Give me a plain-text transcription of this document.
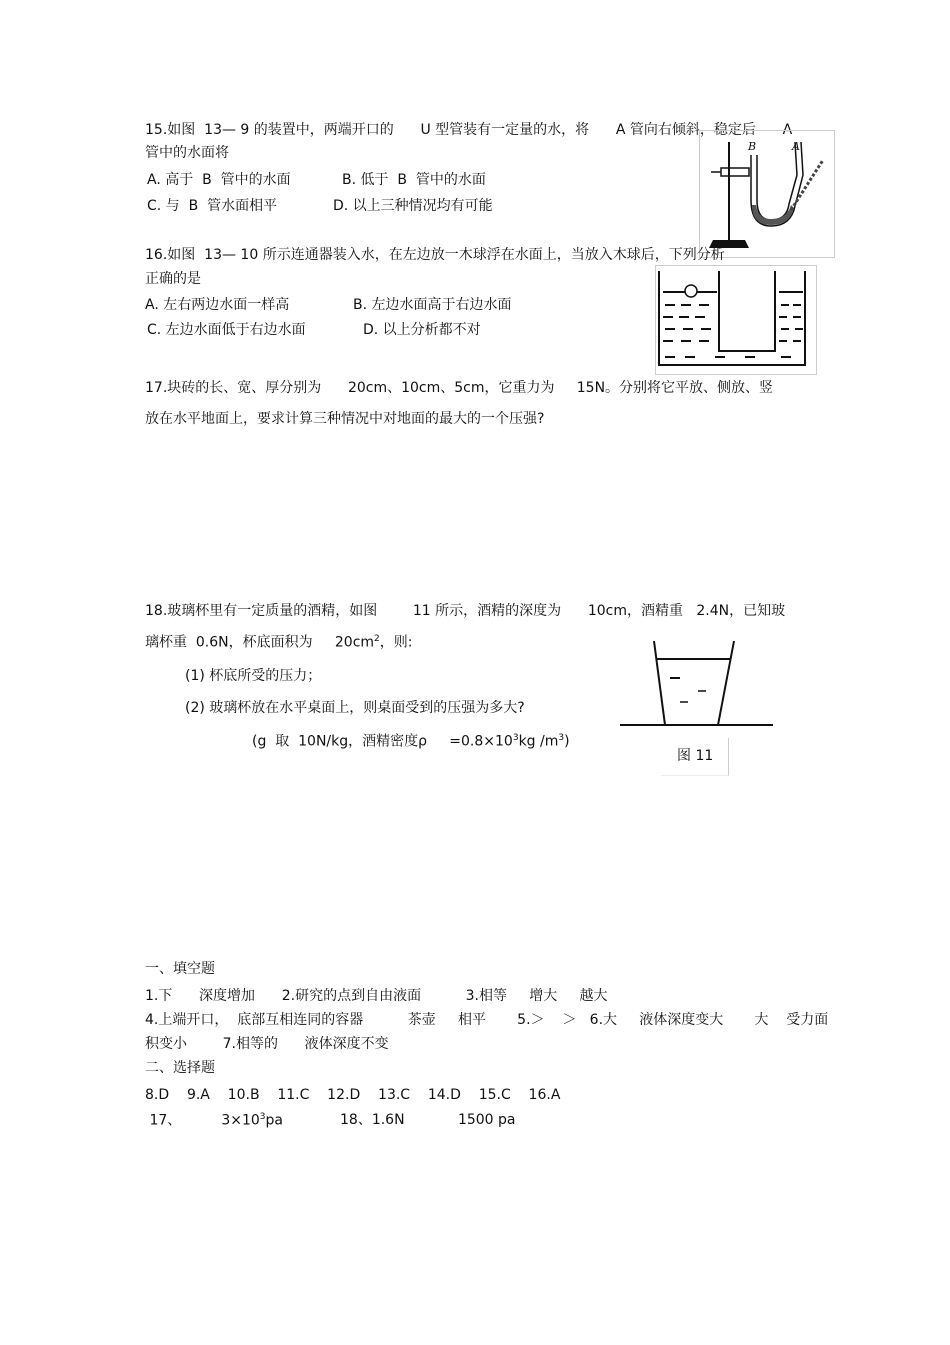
15.如图  13— 9 的装置中，两端开口的      U 型管装有一定量的水，将      A 管向右倾斜，稳定后      A
管中的水面将
A. 高于  B  管中的水面	B. 低于  B  管中的水面
C. 与  B  管水面相平	D. 以上三种情况均有可能
B	A
16.如图  13— 10 所示连通器装入水，在左边放一木球浮在水面上，当放入木球后，下列分析
正确的是
A. 左右两边水面一样高	B. 左边水面高于右边水面
C. 左边水面低于右边水面	D. 以上分析都不对
17.块砖的长、宽、厚分别为      20cm、10cm、5cm，它重力为     15N。分别将它平放、侧放、竖
放在水平地面上，要求计算三种情况中对地面的最大的一个压强?
18.玻璃杯里有一定质量的酒精，如图        11 所示，酒精的深度为      10cm，酒精重   2.4N，已知玻
璃杯重  0.6N，杯底面积为     $20cm^2$，则:
(1) 杯底所受的压力；
(2) 玻璃杯放在水平桌面上，则桌面受到的压强为多大?
(g  取  10N/kg，酒精密度ρ     $=0.8\times 10^3kg$ $/m^3$)
图 11
一、填空题
1.下      深度增加      2.研究的点到自由液面          3.相等     增大     越大
4.上端开口，  底部互相连同的容器          茶壶     相平       5.＞    ＞   6.大     液体深度变大       大    受力面
积变小        7.相等的      液体深度不变
二、选择题
8.D    9.A    10.B    11.C    12.D    13.C    14.D    15.C    16.A
17、         $3\times 10^3pa$	18、1.6N            1500 pa
